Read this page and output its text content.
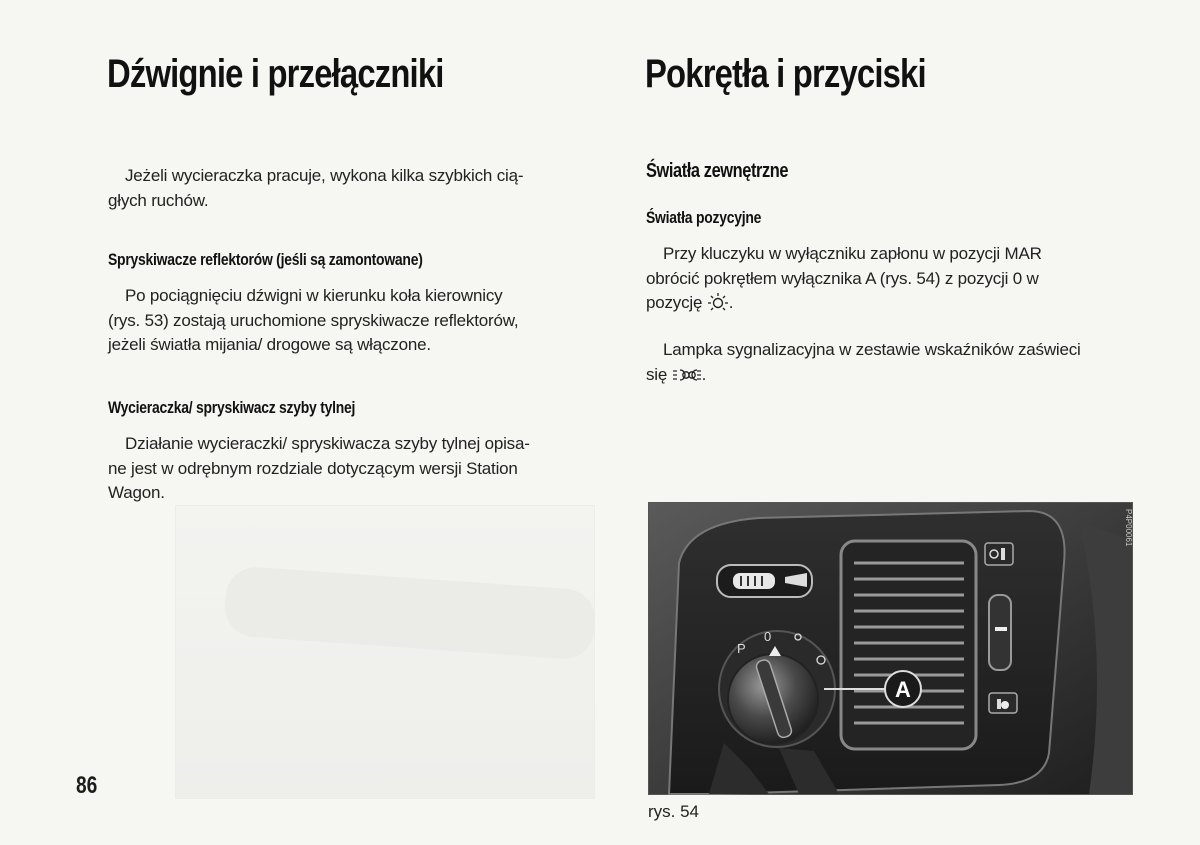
Dźwignie i przełączniki
Jeżeli wycieraczka pracuje, wykona kilka szybkich cią-
głych ruchów.
Spryskiwacze reflektorów (jeśli są zamontowane)
Po pociągnięciu dźwigni w kierunku koła kierownicy
(rys. 53) zostają uruchomione spryskiwacze reflektorów,
jeżeli światła mijania/ drogowe są włączone.
Wycieraczka/ spryskiwacz szyby tylnej
Działanie wycieraczki/ spryskiwacza szyby tylnej opisa-
ne jest w odrębnym rozdziale dotyczącym wersji Station
Wagon.
86
Pokrętła i przyciski
Światła zewnętrzne
Światła pozycyjne
Przy kluczyku w wyłączniku zapłonu w pozycji MAR
obrócić pokrętłem wyłącznika A (rys. 54) z pozycji 0 w
pozycję .
Lampka sygnalizacyjna w zestawie wskaźników zaświeci
się .
P
0
A
P4P00061
rys. 54
